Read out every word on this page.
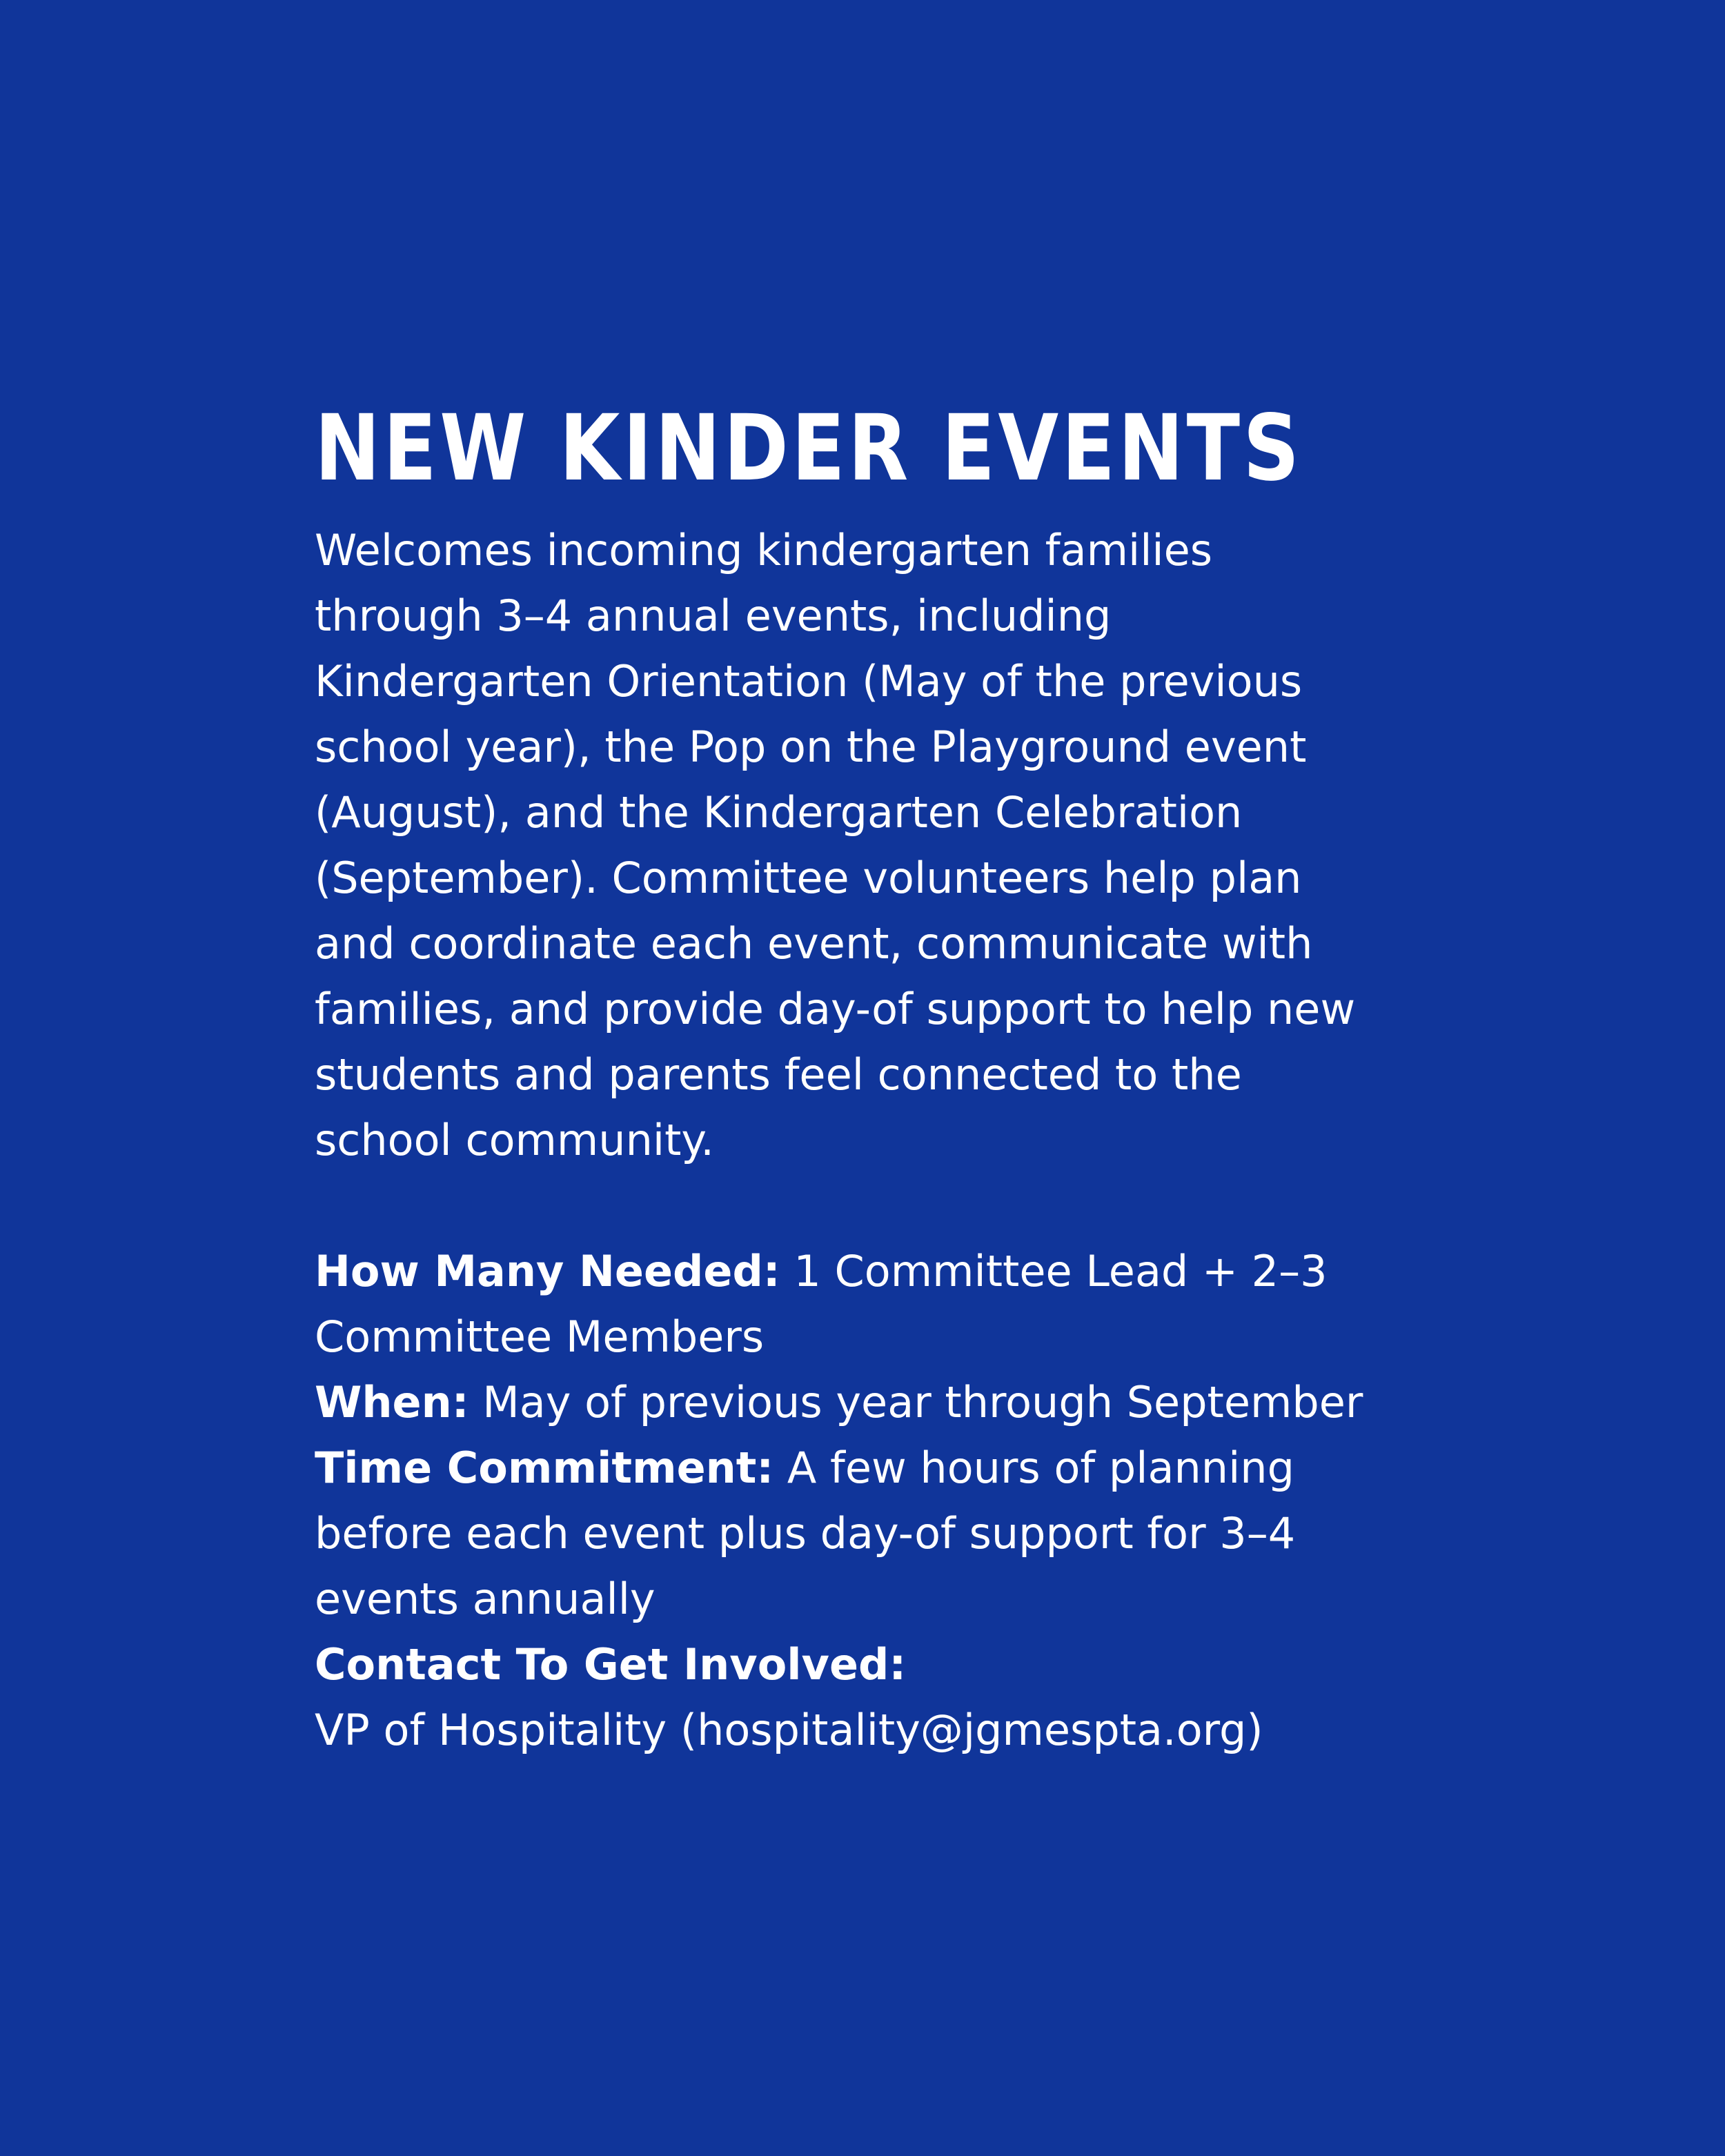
NEW KINDER EVENTS
Welcomes incoming kindergarten families
through 3–4 annual events, including
Kindergarten Orientation (May of the previous
school year), the Pop on the Playground event
(August), and the Kindergarten Celebration
(September). Committee volunteers help plan
and coordinate each event, communicate with
families, and provide day-of support to help new
students and parents feel connected to the
school community.
How Many Needed: 1 Committee Lead + 2–3
Committee Members
When: May of previous year through September
Time Commitment: A few hours of planning
before each event plus day-of support for 3–4
events annually
Contact To Get Involved:
VP of Hospitality (hospitality@jgmespta.org)
